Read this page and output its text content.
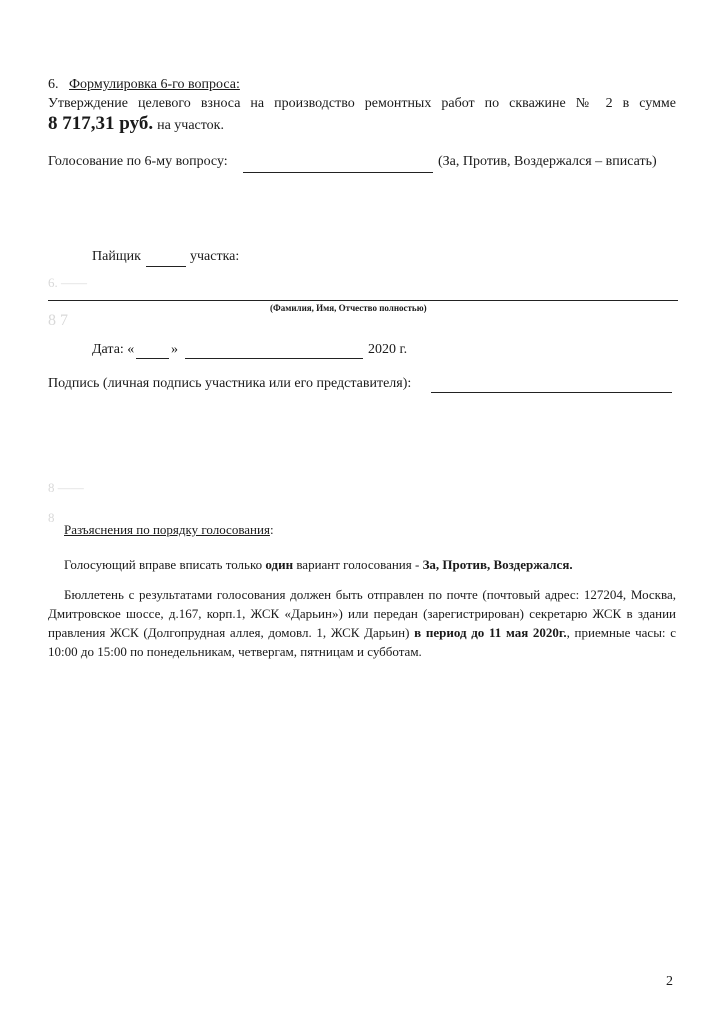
6. ——
8 7
8 ——
8
6. Формулировка 6-го вопроса:
Утверждение целевого взноса на производство ремонтных работ по скважине № 2 в сумме
8 717,31 руб. на участок.
Голосование по 6-му вопросу:	(За, Против, Воздержался – вписать)
Пайщик	участка:
(Фамилия, Имя, Отчество полностью)
Дата: «	»	2020 г.
Подпись (личная подпись участника или его представителя):
Разъяснения по порядку голосования:
Голосующий вправе вписать только один вариант голосования - За, Против, Воздержался.
Бюллетень с результатами голосования должен быть отправлен по почте (почтовый адрес: 127204, Москва, Дмитровское шоссе, д.167, корп.1, ЖСК «Дарьин») или передан (зарегистрирован) секретарю ЖСК в здании правления ЖСК (Долгопрудная аллея, домовл. 1, ЖСК Дарьин) в период до 11 мая 2020г., приемные часы: с 10:00 до 15:00 по понедельникам, четвергам, пятницам и субботам.
2
